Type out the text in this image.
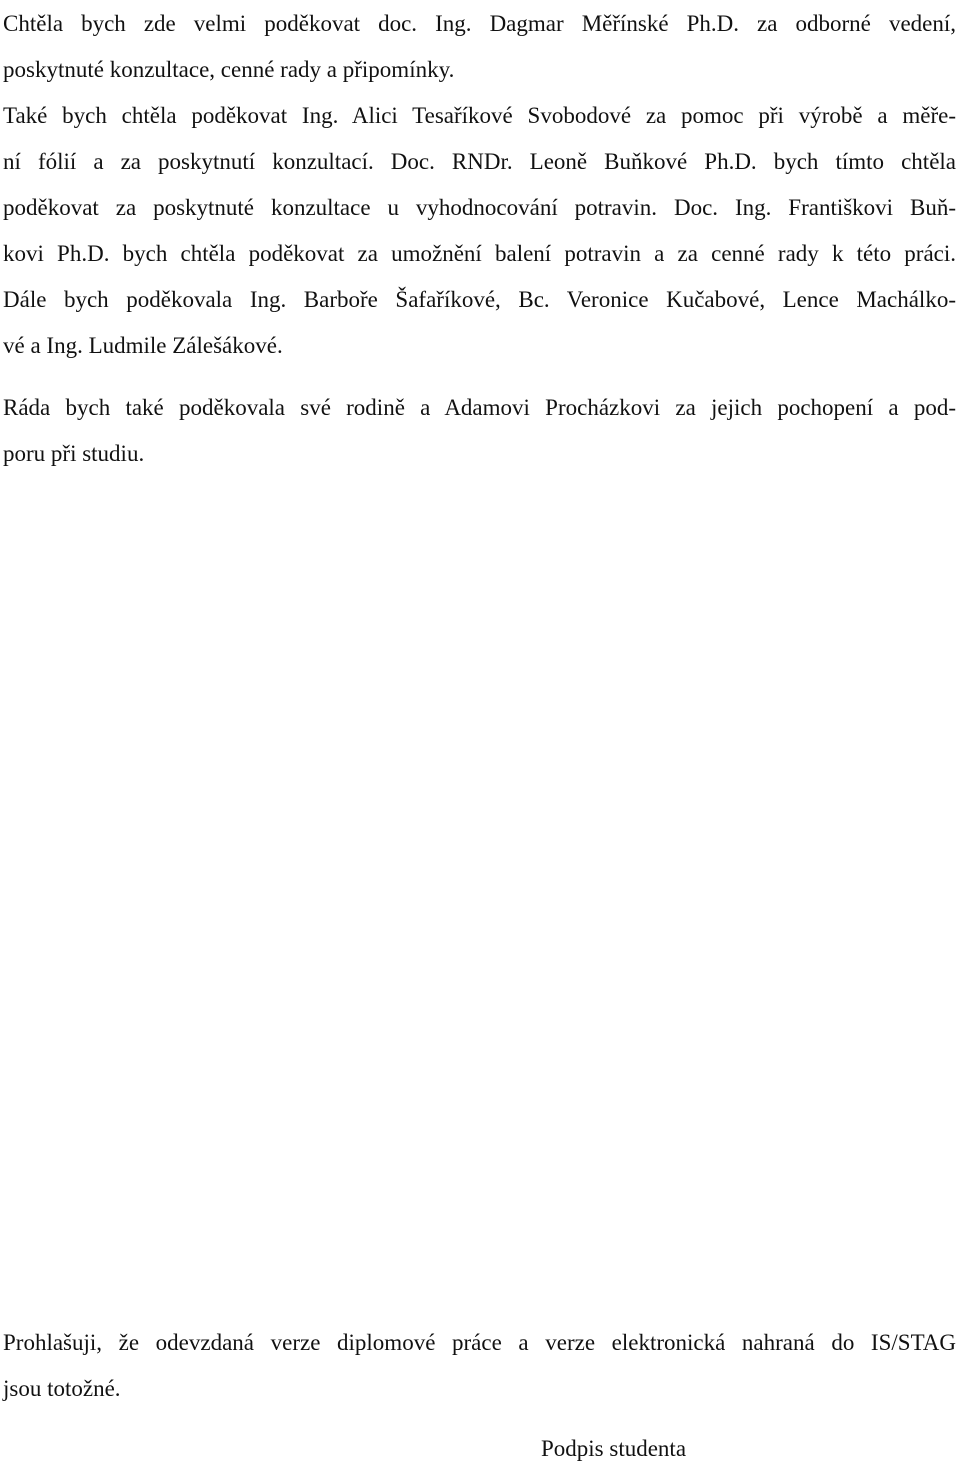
Chtěla bych zde velmi poděkovat doc. Ing. Dagmar Měřínské Ph.D. za odborné vedení,
poskytnuté konzultace, cenné rady a připomínky.

Také bych chtěla poděkovat Ing. Alici Tesaříkové Svobodové za pomoc při výrobě a měře-
ní fólií a za poskytnutí konzultací. Doc. RNDr. Leoně Buňkové Ph.D. bych tímto chtěla
poděkovat za poskytnuté konzultace u vyhodnocování potravin. Doc. Ing. Františkovi Buň-
kovi Ph.D. bych chtěla poděkovat za umožnění balení potravin a za cenné rady k této práci.
Dále bych poděkovala Ing. Barboře Šafaříkové, Bc. Veronice Kučabové, Lence Machálko-
vé a Ing. Ludmile Zálešákové.

Ráda bych také poděkovala své rodině a Adamovi Procházkovi za jejich pochopení a pod-
poru při studiu.

Prohlašuji, že odevzdaná verze diplomové práce a verze elektronická nahraná do IS/STAG
jsou totožné.

Podpis studenta
